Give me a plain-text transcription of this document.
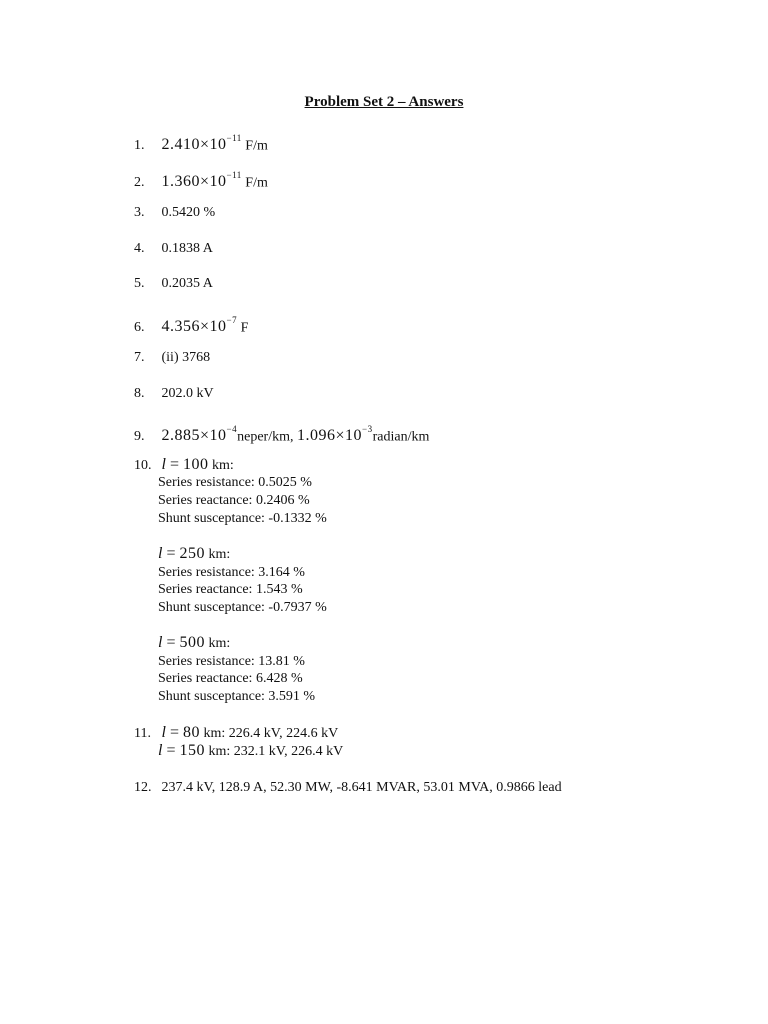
Problem Set 2 – Answers
1. $2.410\times 10^{-11}$ F/m
2. $1.360\times 10^{-11}$ F/m
3. 0.5420 %
4. 0.1838 A
5. 0.2035 A
6. $4.356\times 10^{-7}$ F
7. (ii) 3768
8. 202.0 kV
9. $2.885\times 10^{-4}neper/km$, $1.096\times 10^{-3}radian/km$
10. l = 100 km:
Series resistance: 0.5025 %
Series reactance: 0.2406 %
Shunt susceptance: -0.1332 %
l = 250 km:
Series resistance: 3.164 %
Series reactance: 1.543 %
Shunt susceptance: -0.7937 %
l = 500 km:
Series resistance: 13.81 %
Series reactance: 6.428 %
Shunt susceptance: 3.591 %
11. l = 80 km: 226.4 kV, 224.6 kV
l = 150 km: 232.1 kV, 226.4 kV
12. 237.4 kV, 128.9 A, 52.30 MW, -8.641 MVAR, 53.01 MVA, 0.9866 lead
